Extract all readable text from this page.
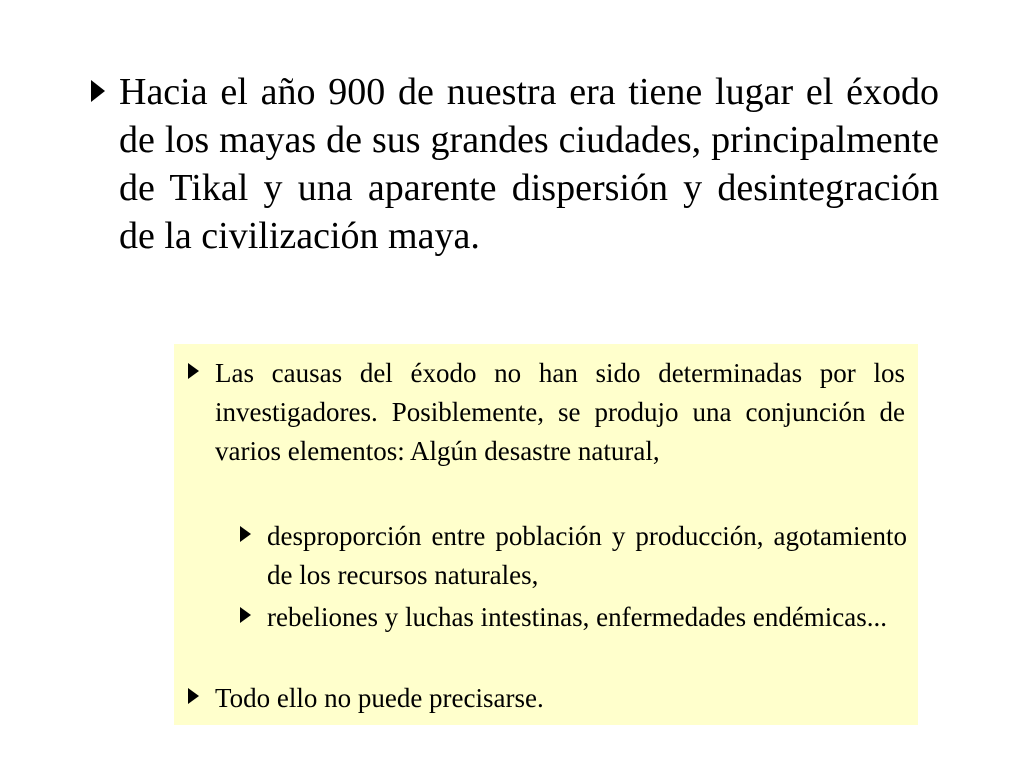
Hacia el año 900 de nuestra era tiene lugar el éxodo de los mayas de sus grandes ciudades, principalmente de Tikal y una aparente dispersión y desintegración de la civilización maya.
Las causas del éxodo no han sido determinadas por los investigadores. Posiblemente, se produjo una conjunción de varios elementos: Algún desastre natural,
desproporción entre población y producción, agotamiento de los recursos naturales,
rebeliones y luchas intestinas, enfermedades endémicas...
Todo ello no puede precisarse.
